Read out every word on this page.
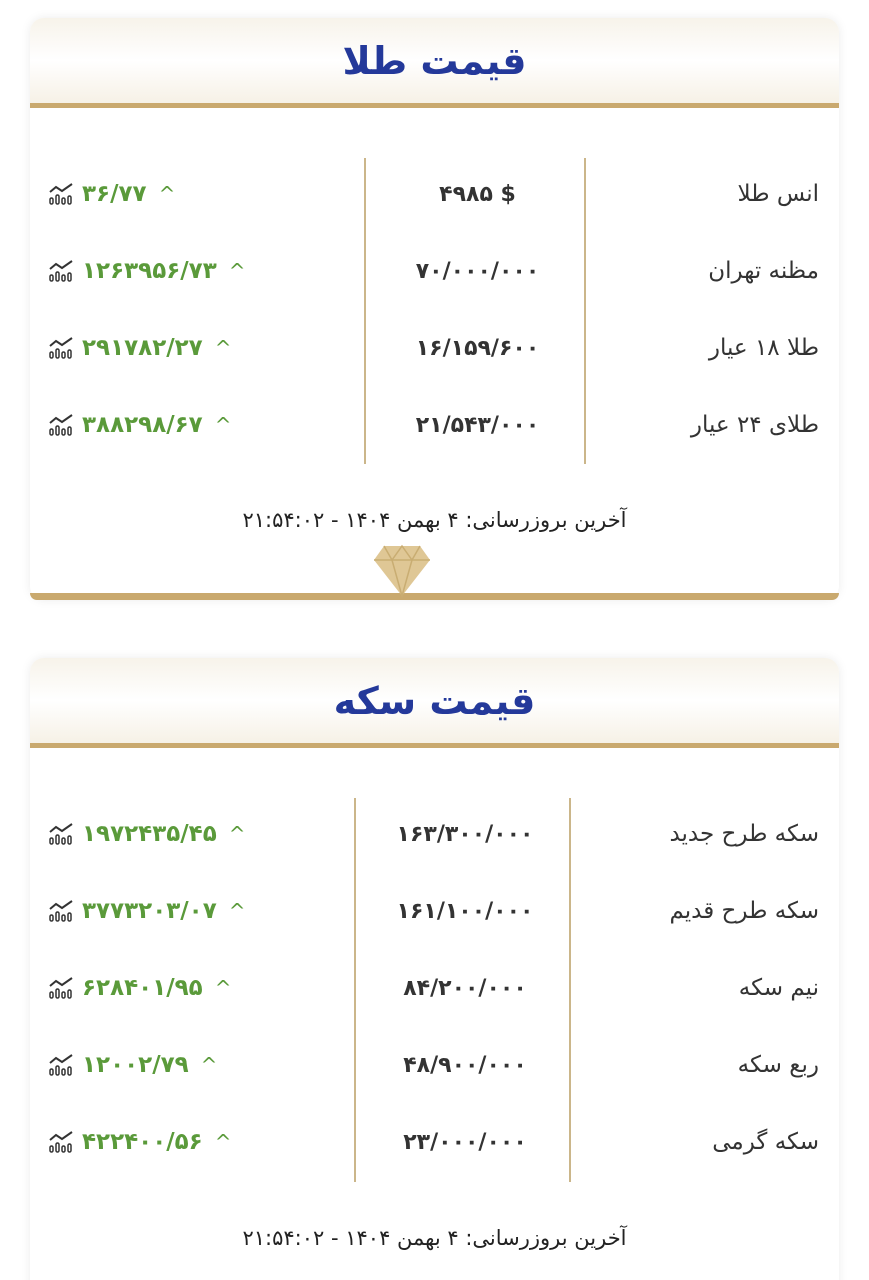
قیمت طلا
انس طلا
۴۹۸۵ $
۳۶/۷۷ ^
مظنه تهران
۷۰/۰۰۰/۰۰۰
۱۲۶۳۹۵۶/۷۳ ^
طلا ۱۸ عیار
۱۶/۱۵۹/۶۰۰
۲۹۱۷۸۲/۲۷ ^
طلای ۲۴ عیار
۲۱/۵۴۳/۰۰۰
۳۸۸۲۹۸/۶۷ ^
آخرین بروزرسانی: ۴ بهمن ۱۴۰۴ - ۲۱:۵۴:۰۲
قیمت سکه
سکه طرح جدید
۱۶۳/۳۰۰/۰۰۰
۱۹۷۲۴۳۵/۴۵ ^
سکه طرح قدیم
۱۶۱/۱۰۰/۰۰۰
۳۷۷۳۲۰۳/۰۷ ^
نیم سکه
۸۴/۲۰۰/۰۰۰
۶۲۸۴۰۱/۹۵ ^
ربع سکه
۴۸/۹۰۰/۰۰۰
۱۲۰۰۲/۷۹ ^
سکه گرمی
۲۳/۰۰۰/۰۰۰
۴۲۲۴۰۰/۵۶ ^
آخرین بروزرسانی: ۴ بهمن ۱۴۰۴ - ۲۱:۵۴:۰۲
